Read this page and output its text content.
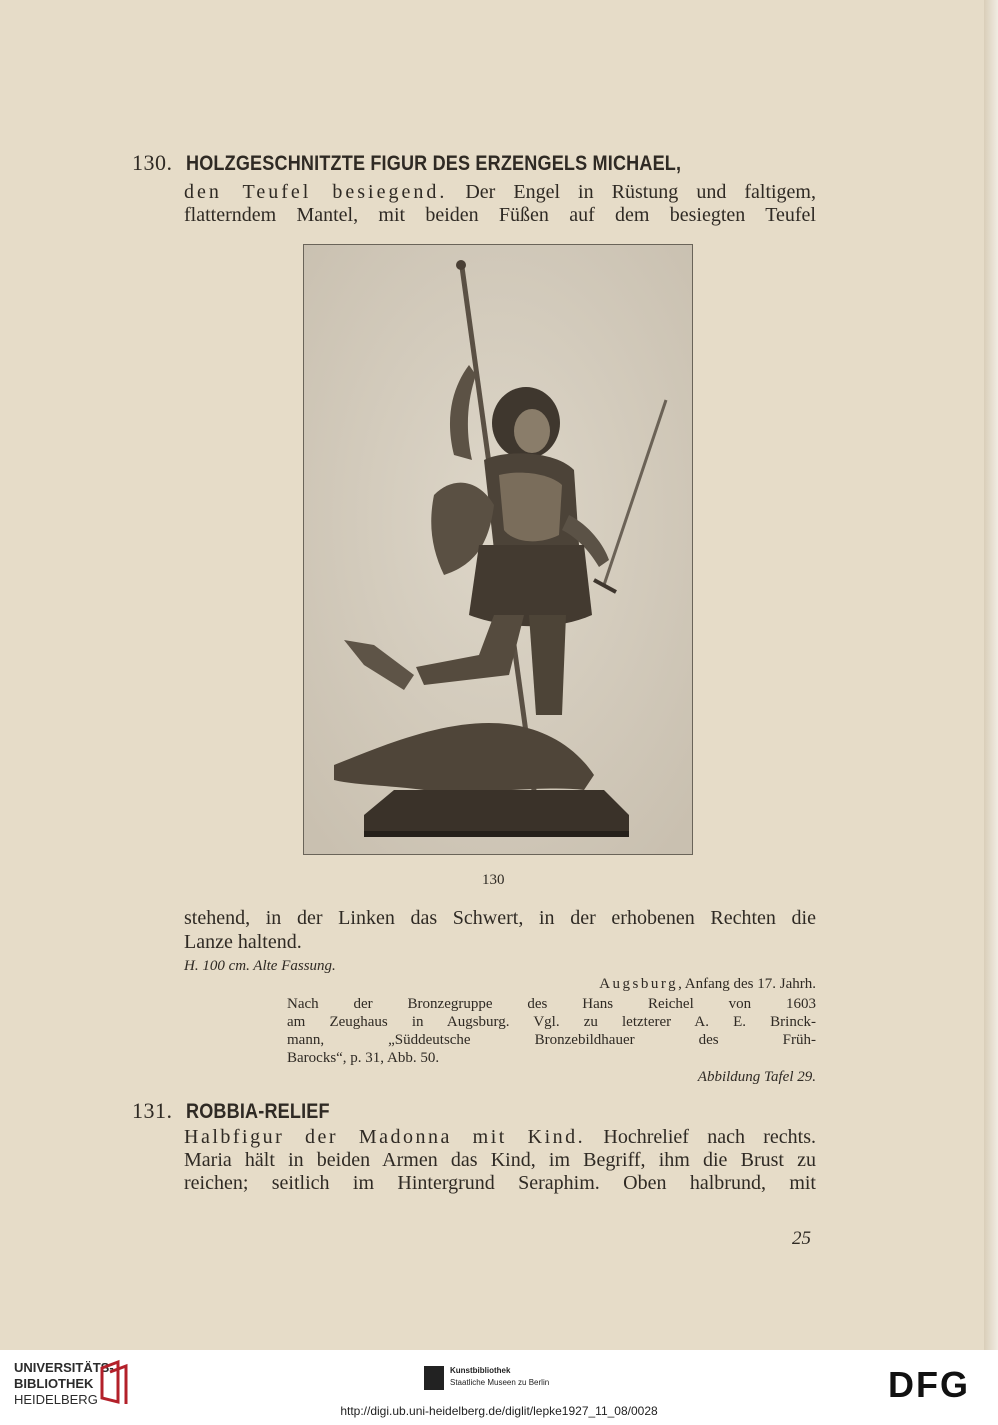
130. HOLZGESCHNITZTE FIGUR DES ERZENGELS MICHAEL,
den Teufel besiegend. Der Engel in Rüstung und faltigem,
flatterndem Mantel, mit beiden Füßen auf dem besiegten Teufel
130
stehend, in der Linken das Schwert, in der erhobenen Rechten die
Lanze haltend.
H. 100 cm. Alte Fassung.
Augsburg, Anfang des 17. Jahrh.
Nach der Bronzegruppe des Hans Reichel von 1603
am Zeughaus in Augsburg. Vgl. zu letzterer A. E. Brinck-
mann, „Süddeutsche Bronzebildhauer des Früh-
Barocks“, p. 31, Abb. 50.
Abbildung Tafel 29.
131. ROBBIA-RELIEF
Halbfigur der Madonna mit Kind. Hochrelief nach rechts.
Maria hält in beiden Armen das Kind, im Begriff, ihm die Brust zu
reichen; seitlich im Hintergrund Seraphim. Oben halbrund, mit
25
UNIVERSITÄTS-
BIBLIOTHEK
HEIDELBERG
Kunstbibliothek
Staatliche Museen zu Berlin	DFG
http://digi.ub.uni-heidelberg.de/diglit/lepke1927_11_08/0028
